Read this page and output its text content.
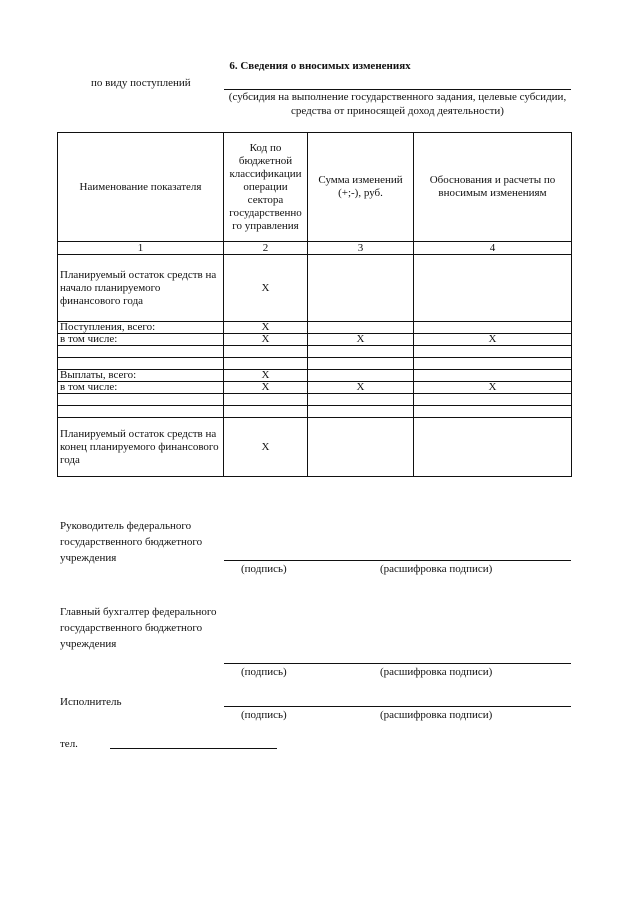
6. Сведения о вносимых изменениях
по виду поступлений
(субсидия на выполнение государственного задания, целевые субсидии, средства от приносящей доход деятельности)
Наименование показателя	Код по бюджетной классификации операции сектора государственно го управления	Сумма изменений (+;-), руб.	Обоснования и расчеты по вносимым изменениям
1	2	3	4
Планируемый остаток средств на начало планируемого финансового года	X		
Поступления, всего:	X		
в том числе:	X	X	X

Выплаты, всего:	X		
в том числе:	X	X	X

Планируемый остаток средств на конец планируемого финансового года	X		
Руководитель федерального государственного бюджетного учреждения
(подпись)	(расшифровка подписи)
Главный бухгалтер федерального государственного бюджетного учреждения
(подпись)	(расшифровка подписи)
Исполнитель
(подпись)	(расшифровка подписи)
тел.
